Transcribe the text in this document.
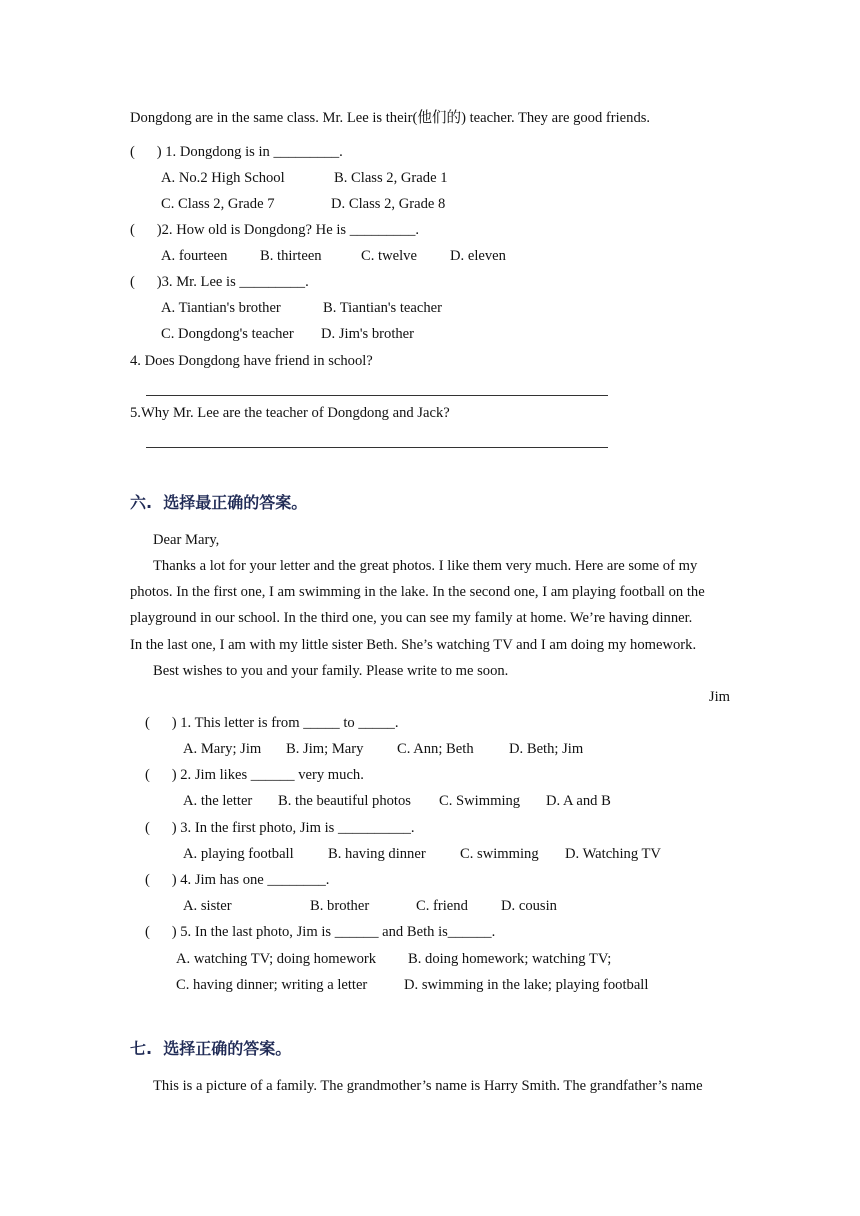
Dongdong are in the same class. Mr. Lee is their(他们的) teacher. They are good friends.
(      ) 1. Dongdong is in _________.

A. No.2 High School

	B. Class 2, Grade 1

C. Class 2, Grade 7

	D. Class 2, Grade 8

(      )2. How old is Dongdong? He is _________.

A. fourteen

B. thirteen

	C. twelve

D. eleven

(      )3. Mr. Lee is _________.

A. Tiantian's brother

	B. Tiantian's teacher

C. Dongdong's teacher

D. Jim's brother

4. Does Dongdong have friend in school?
5.Why Mr. Lee are the teacher of Dongdong and Jack?
六.  选择最正确的答案。
Dear Mary,
Thanks a lot for your letter and the great photos. I like them very much. Here are some of my
photos. In the first one, I am swimming in the lake. In the second one, I am playing football on the
playground in our school. In the third one, you can see my family at home. We’re having dinner.
In the last one, I am with my little sister Beth. She’s watching TV and I am doing my homework.
Best wishes to you and your family. Please write to me soon.
Jim
(      ) 1. This letter is from _____ to _____.

A. Mary; Jim

B. Jim; Mary

C. Ann; Beth

D. Beth; Jim

(      ) 2. Jim likes ______ very much.

A. the letter

B. the beautiful photos

C. Swimming

D. A and B

(      ) 3. In the first photo, Jim is __________.

A. playing football

B. having dinner

C. swimming

D. Watching TV

(      ) 4. Jim has one ________.

A. sister

	B. brother

	C. friend

D. cousin

(      ) 5. In the last photo, Jim is ______ and Beth is______.

A. watching TV; doing homework

B. doing homework; watching TV;

C. having dinner; writing a letter

	D. swimming in the lake; playing football

七.  选择正确的答案。
This is a picture of a family. The grandmother’s name is Harry Smith. The grandfather’s name
